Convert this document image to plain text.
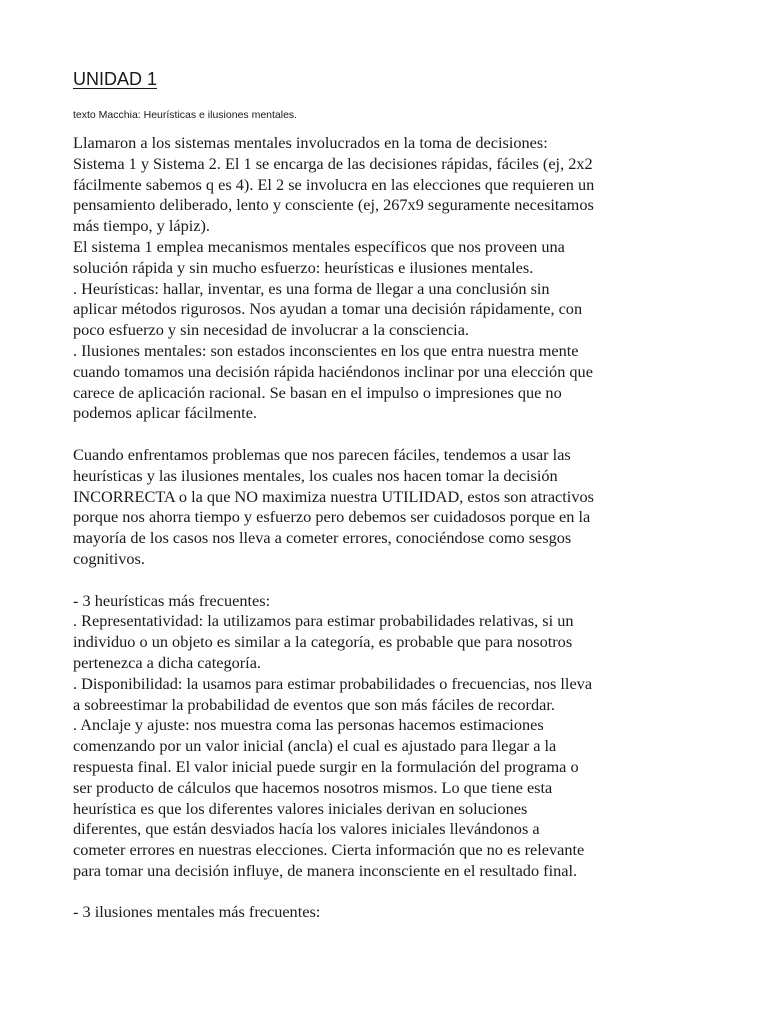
UNIDAD 1

texto Macchia: Heurísticas e ilusiones mentales.

Llamaron a los sistemas mentales involucrados en la toma de decisiones:
Sistema 1 y Sistema 2. El 1 se encarga de las decisiones rápidas, fáciles (ej, 2x2
fácilmente sabemos q es 4). El 2 se involucra en las elecciones que requieren un
pensamiento deliberado, lento y consciente (ej, 267x9 seguramente necesitamos
más tiempo, y lápiz).
El sistema 1 emplea mecanismos mentales específicos que nos proveen una
solución rápida y sin mucho esfuerzo: heurísticas e ilusiones mentales.
. Heurísticas: hallar, inventar, es una forma de llegar a una conclusión sin
aplicar métodos rigurosos. Nos ayudan a tomar una decisión rápidamente, con
poco esfuerzo y sin necesidad de involucrar a la consciencia.
. Ilusiones mentales: son estados inconscientes en los que entra nuestra mente
cuando tomamos una decisión rápida haciéndonos inclinar por una elección que
carece de aplicación racional. Se basan en el impulso o impresiones que no
podemos aplicar fácilmente.
Cuando enfrentamos problemas que nos parecen fáciles, tendemos a usar las
heurísticas y las ilusiones mentales, los cuales nos hacen tomar la decisión
INCORRECTA o la que NO maximiza nuestra UTILIDAD, estos son atractivos
porque nos ahorra tiempo y esfuerzo pero debemos ser cuidadosos porque en la
mayoría de los casos nos lleva a cometer errores, conociéndose como sesgos
cognitivos.
- 3 heurísticas más frecuentes:
. Representatividad: la utilizamos para estimar probabilidades relativas, si un
individuo o un objeto es similar a la categoría, es probable que para nosotros
pertenezca a dicha categoría.
. Disponibilidad: la usamos para estimar probabilidades o frecuencias, nos lleva
a sobreestimar la probabilidad de eventos que son más fáciles de recordar.
. Anclaje y ajuste: nos muestra coma las personas hacemos estimaciones
comenzando por un valor inicial (ancla) el cual es ajustado para llegar a la
respuesta final. El valor inicial puede surgir en la formulación del programa o
ser producto de cálculos que hacemos nosotros mismos. Lo que tiene esta
heurística es que los diferentes valores iniciales derivan en soluciones
diferentes, que están desviados hacía los valores iniciales llevándonos a
cometer errores en nuestras elecciones. Cierta información que no es relevante
para tomar una decisión influye, de manera inconsciente en el resultado final.
- 3 ilusiones mentales más frecuentes:
